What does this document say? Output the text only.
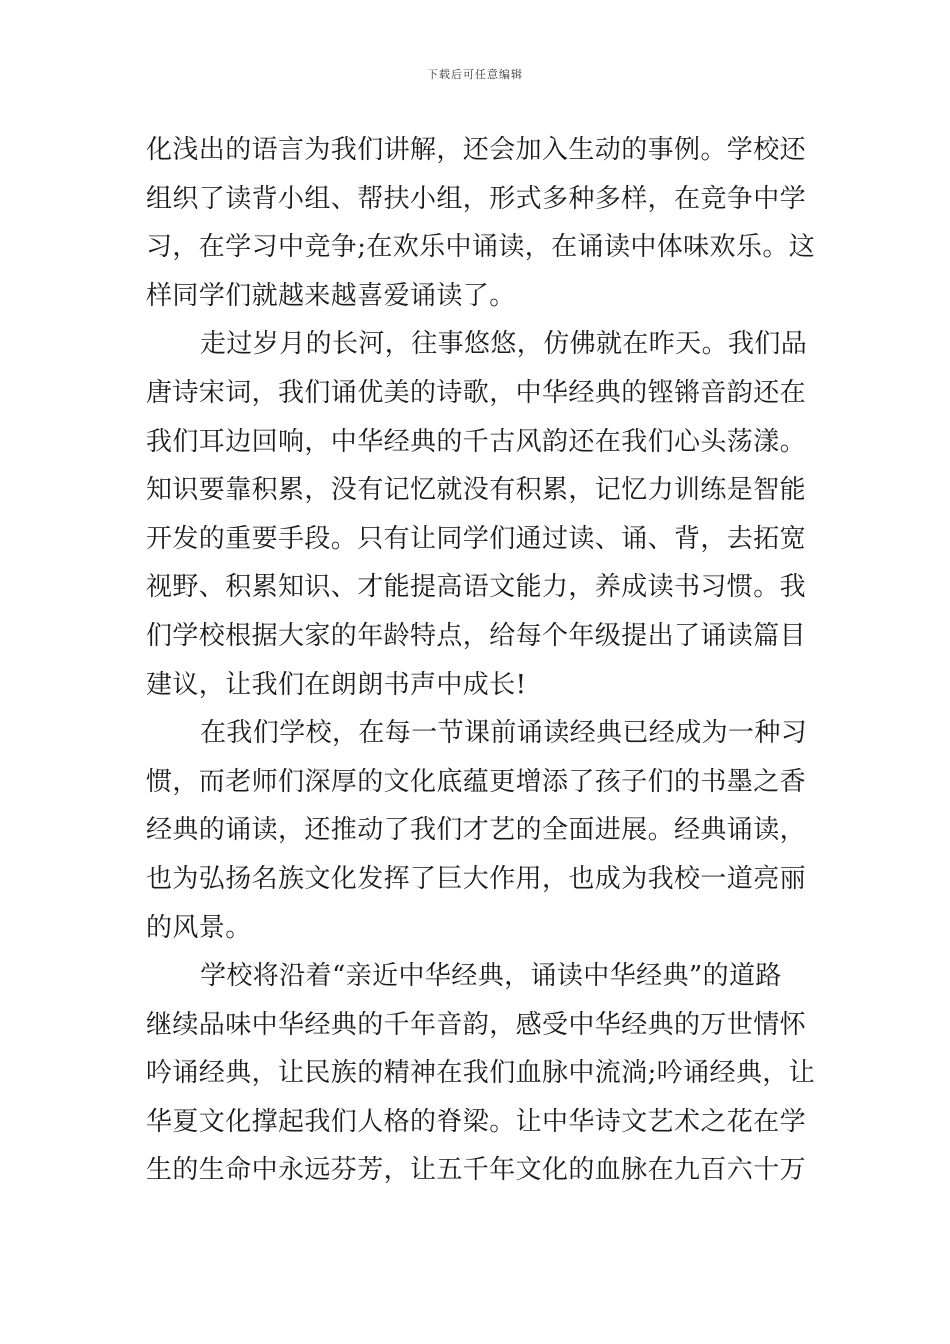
下载后可任意编辑
化浅出的语言为我们讲解，还会加入生动的事例。学校还
组织了读背小组、帮扶小组，形式多种多样，在竞争中学
习，在学习中竞争;在欢乐中诵读，在诵读中体味欢乐。这
样同学们就越来越喜爱诵读了。
走过岁月的长河，往事悠悠，仿佛就在昨天。我们品
唐诗宋词，我们诵优美的诗歌，中华经典的铿锵音韵还在
我们耳边回响，中华经典的千古风韵还在我们心头荡漾。
知识要靠积累，没有记忆就没有积累，记忆力训练是智能
开发的重要手段。只有让同学们通过读、诵、背，去拓宽
视野、积累知识、才能提高语文能力，养成读书习惯。我
们学校根据大家的年龄特点，给每个年级提出了诵读篇目
建议，让我们在朗朗书声中成长!
在我们学校，在每一节课前诵读经典已经成为一种习
惯，而老师们深厚的文化底蕴更增添了孩子们的书墨之香
经典的诵读，还推动了我们才艺的全面进展。经典诵读，
也为弘扬名族文化发挥了巨大作用，也成为我校一道亮丽
的风景。
学校将沿着“亲近中华经典，诵读中华经典”的道路
继续品味中华经典的千年音韵，感受中华经典的万世情怀
吟诵经典，让民族的精神在我们血脉中流淌;吟诵经典，让
华夏文化撑起我们人格的脊梁。让中华诗文艺术之花在学
生的生命中永远芬芳，让五千年文化的血脉在九百六十万
